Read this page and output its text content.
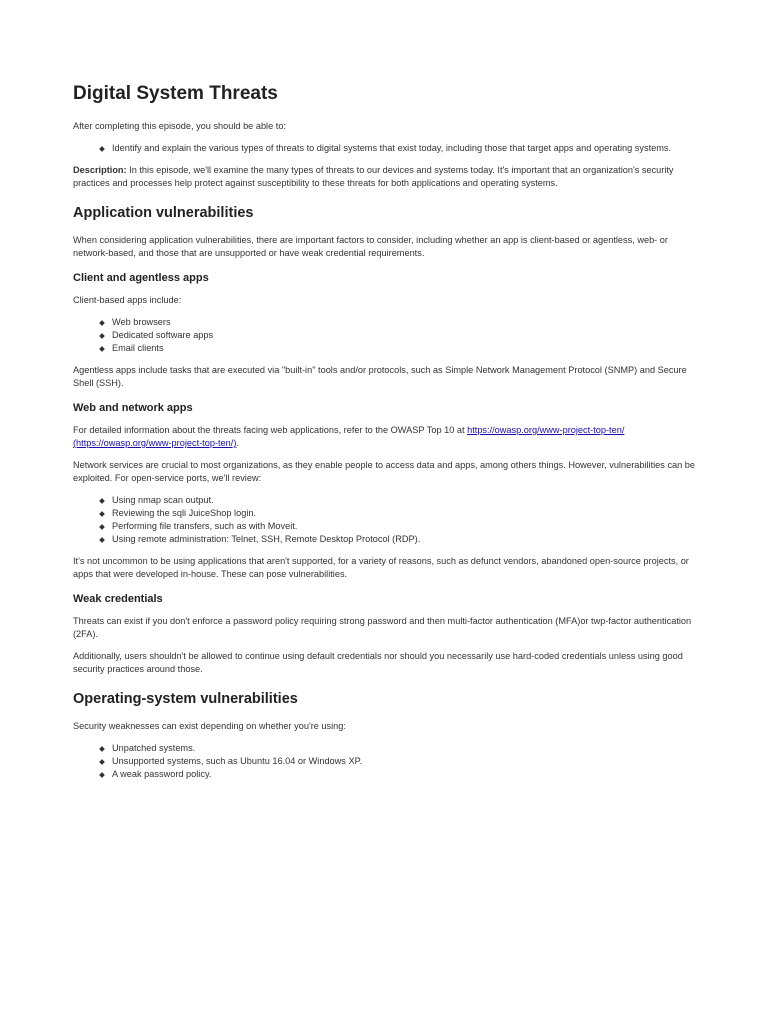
Digital System Threats

After completing this episode, you should be able to:

Identify and explain the various types of threats to digital systems that exist today, including those that target apps and operating systems.

Description: In this episode, we'll examine the many types of threats to our devices and systems today. It's important that an organization's security practices and processes help protect against susceptibility to these threats for both applications and operating systems.

Application vulnerabilities

When considering application vulnerabilities, there are important factors to consider, including whether an app is client-based or agentless, web- or network-based, and those that are unsupported or have weak credential requirements.

Client and agentless apps

Client-based apps include:

Web browsers
Dedicated software apps
Email clients

Agentless apps include tasks that are executed via "built-in" tools and/or protocols, such as Simple Network Management Protocol (SNMP) and Secure Shell (SSH).

Web and network apps

For detailed information about the threats facing web applications, refer to the OWASP Top 10 at https://owasp.org/www-project-top-ten/ (https://owasp.org/www-project-top-ten/).

Network services are crucial to most organizations, as they enable people to access data and apps, among others things. However, vulnerabilities can be exploited. For open-service ports, we'll review:

Using nmap scan output.
Reviewing the sqli JuiceShop login.
Performing file transfers, such as with Moveit.
Using remote administration: Telnet, SSH, Remote Desktop Protocol (RDP).

It's not uncommon to be using applications that aren't supported, for a variety of reasons, such as defunct vendors, abandoned open-source projects, or apps that were developed in-house. These can pose vulnerabilities.

Weak credentials

Threats can exist if you don't enforce a password policy requiring strong password and then multi-factor authentication (MFA)or twp-factor authentication (2FA).

Additionally, users shouldn't be allowed to continue using default credentials nor should you necessarily use hard-coded credentials unless using good security practices around those.

Operating-system vulnerabilities

Security weaknesses can exist depending on whether you're using:

Unpatched systems.
Unsupported systems, such as Ubuntu 16.04 or Windows XP.
A weak password policy.
